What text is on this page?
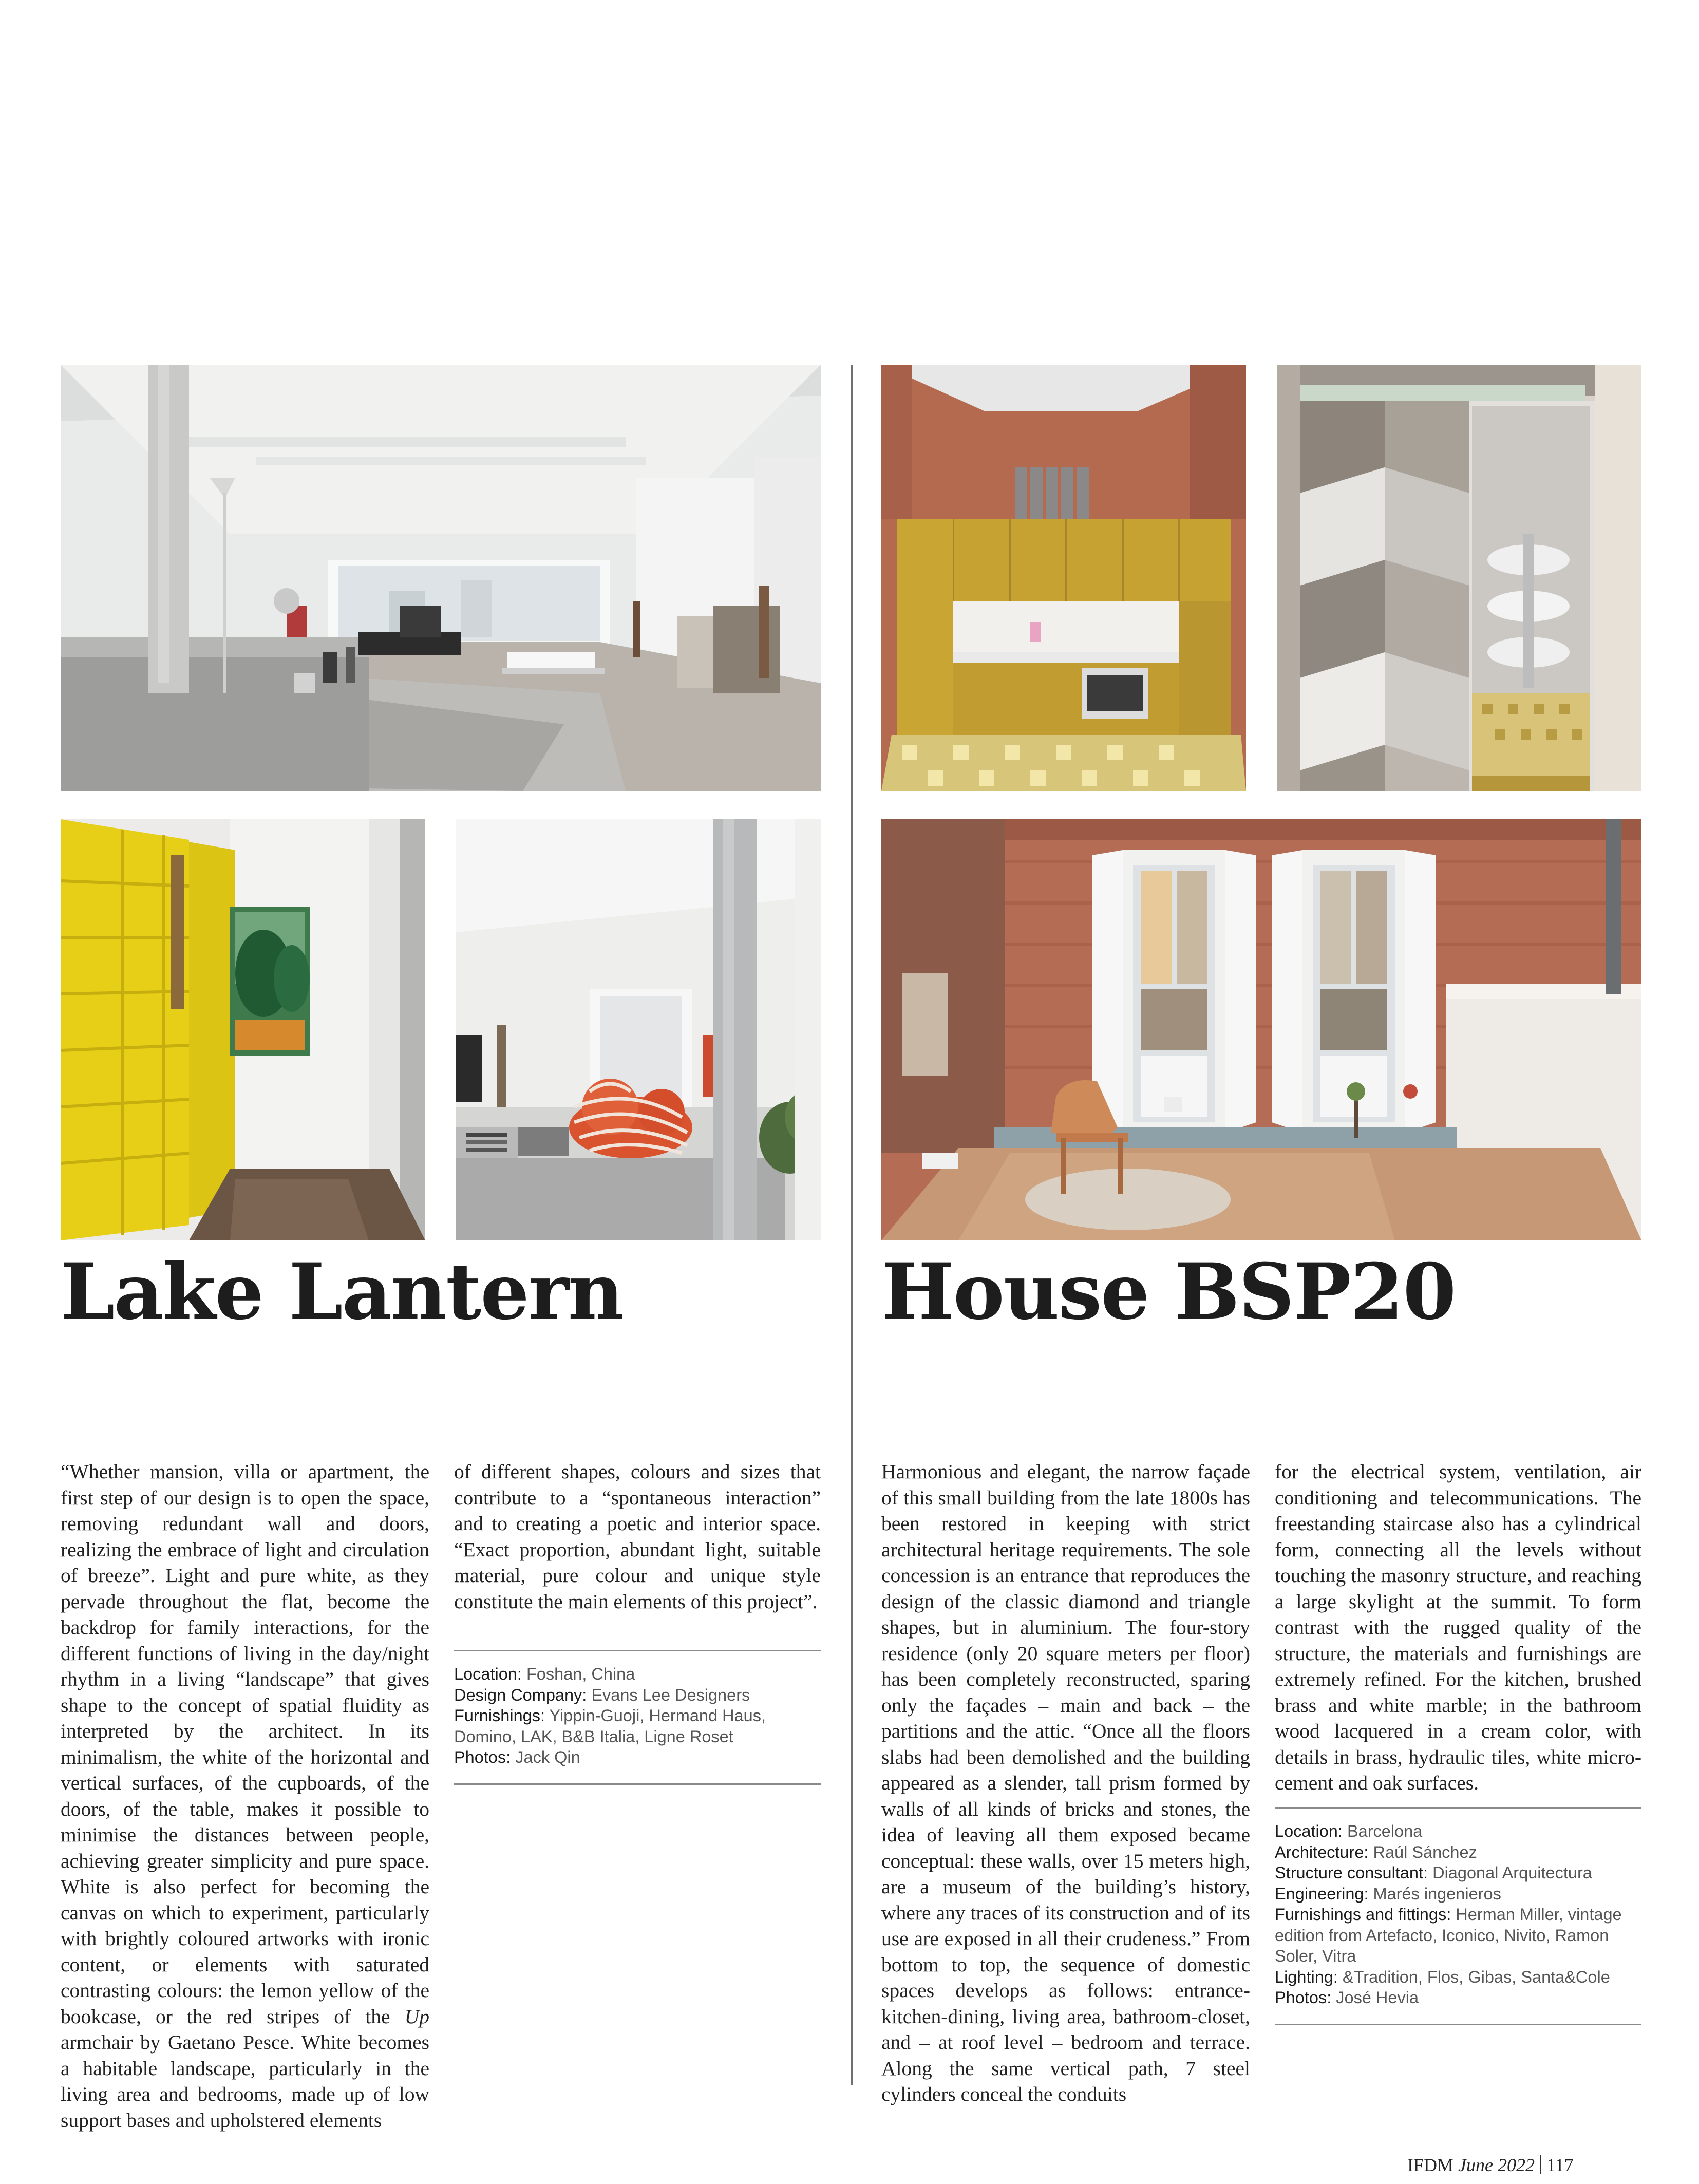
Lake Lantern	House BSP20

“Whether mansion, villa or apartment, the first step of our design is to open the space, removing redundant wall and doors, realizing the embrace of light and circulation of breeze”. Light and pure white, as they pervade throughout the flat, become the backdrop for family interactions, for the different functions of living in the day/night rhythm in a living “landscape” that gives shape to the concept of spatial fluidity as interpreted by the architect. In its minimalism, the white of the horizontal and vertical surfaces, of the cupboards, of the doors, of the table, makes it possible to minimise the distances between people, achieving greater simplicity and pure space. White is also perfect for becoming the canvas on which to experiment, particularly with brightly coloured artworks with ironic content, or elements with saturated contrasting colours: the lemon yellow of the bookcase, or the red stripes of the Up armchair by Gaetano Pesce. White becomes a habitable landscape, particularly in the living area and bedrooms, made up of low support bases and upholstered elements

of different shapes, colours and sizes that contribute to a “spontaneous interaction” and to creating a poetic and interior space. “Exact proportion, abundant light, suitable material, pure colour and unique style constitute the main elements of this project”.

Location: Foshan, China
Design Company: Evans Lee Designers
Furnishings: Yippin-Guoji, Hermand Haus, Domino, LAK, B&B Italia, Ligne Roset
Photos: Jack Qin

Harmonious and elegant, the narrow façade of this small building from the late 1800s has been restored in keeping with strict architectural heritage requirements. The sole concession is an entrance that reproduces the design of the classic diamond and triangle shapes, but in aluminium. The four-story residence (only 20 square meters per floor) has been completely reconstructed, sparing only the façades – main and back – the partitions and the attic. “Once all the floors slabs had been demolished and the building appeared as a slender, tall prism formed by walls of all kinds of bricks and stones, the idea of leaving all them exposed became conceptual: these walls, over 15 meters high, are a museum of the building’s history, where any traces of its construction and of its use are exposed in all their crudeness.” From bottom to top, the sequence of domestic spaces develops as follows: entrance-kitchen-dining, living area, bathroom-closet, and – at roof level – bedroom and terrace. Along the same vertical path, 7 steel cylinders conceal the conduits

for the electrical system, ventilation, air conditioning and telecommunications. The freestanding staircase also has a cylindrical form, connecting all the levels without touching the masonry structure, and reaching a large skylight at the summit. To form contrast with the rugged quality of the structure, the materials and furnishings are extremely refined. For the kitchen, brushed brass and white marble; in the bathroom wood lacquered in a cream color, with details in brass, hydraulic tiles, white micro-cement and oak surfaces.

Location: Barcelona
Architecture: Raúl Sánchez
Structure consultant: Diagonal Arquitectura
Engineering: Marés ingenieros
Furnishings and fittings: Herman Miller, vintage edition from Artefacto, Iconico, Nivito, Ramon Soler, Vitra
Lighting: &Tradition, Flos, Gibas, Santa&Cole
Photos: José Hevia
IFDM June 2022 117
